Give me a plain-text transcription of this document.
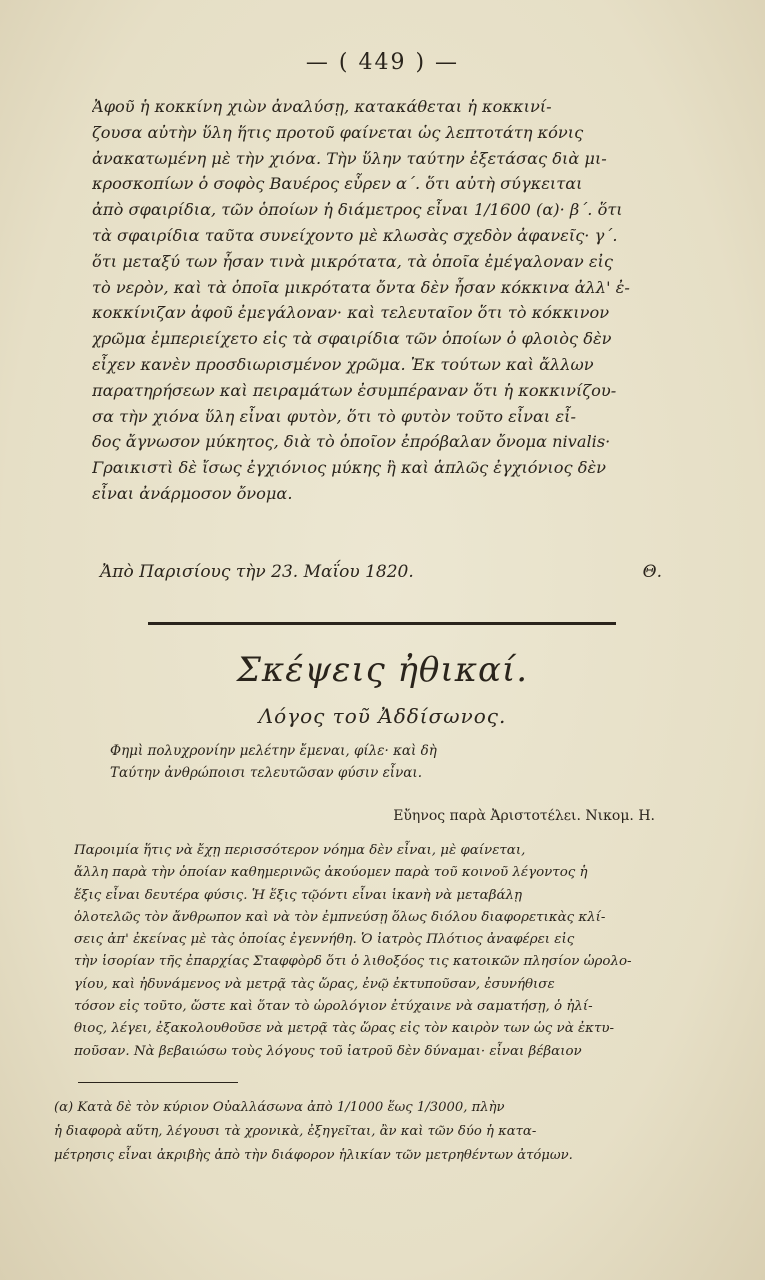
— ( 449 ) —

Ἀφοῦ ἡ κοκκίνη χιὼν ἀναλύσῃ, κατακάθεται ἡ κοκκινί-

ζουσα αὐτὴν ὕλη ἥτις προτοῦ φαίνεται ὡς λεπτοτάτη κόνις

ἀνακατωμένη μὲ τὴν χιόνα. Τὴν ὕλην ταύτην ἐξετάσας διὰ μι-

κροσκοπίων ὁ σοφὸς Βαυέρος εὗρεν α΄. ὅτι αὐτὴ σύγκειται

ἀπὸ σφαιρίδια, τῶν ὁποίων ἡ διάμετρος εἶναι 1/1600 (α)· β΄. ὅτι

τὰ σφαιρίδια ταῦτα συνείχοντο μὲ κλωσὰς σχεδὸν ἀφανεῖς· γ΄.

ὅτι μεταξύ των ἦσαν τινὰ μικρότατα, τὰ ὁποῖα ἐμέγαλοναν εἰς

τὸ νερὸν, καὶ τὰ ὁποῖα μικρότατα ὄντα δὲν ἦσαν κόκκινα ἀλλ' ἐ-

κοκκίνιζαν ἀφοῦ ἐμεγάλοναν· καὶ τελευταῖον ὅτι τὸ κόκκινον

χρῶμα ἐμπεριείχετο εἰς τὰ σφαιρίδια τῶν ὁποίων ὁ φλοιὸς δὲν

εἶχεν κανὲν προσδιωρισμένον χρῶμα. Ἐκ τούτων καὶ ἄλλων

παρατηρήσεων καὶ πειραμάτων ἐσυμπέραναν ὅτι ἡ κοκκινίζου-

σα τὴν χιόνα ὕλη εἶναι φυτὸν, ὅτι τὸ φυτὸν τοῦτο εἶναι εἶ-

δος ἄγνωσον μύκητος, διὰ τὸ ὁποῖον ἐπρόβαλαν ὄνομα nivalis·

Γραικιστὶ δὲ ἴσως ἐγχιόνιος μύκης ἢ καὶ ἁπλῶς ἐγχιόνιος δὲν

εἶναι ἀνάρμοσον ὄνομα.

Ἀπὸ Παρισίους τὴν 23. Μαΐου 1820.	Θ.
Σκέψεις ἠθικαί.
Λόγος τοῦ Ἀδδίσωνος.

Φημὶ πολυχρονίην μελέτην ἔμεναι, φίλε· καὶ δὴ

Ταύτην ἀνθρώποισι τελευτῶσαν φύσιν εἶναι.

Εὔηνος παρὰ Ἀριστοτέλει. Νικομ. Η.

Παροιμία ἥτις νὰ ἔχῃ περισσότερον νόημα δὲν εἶναι, μὲ φαίνεται,

ἄλλη παρὰ τὴν ὁποίαν καθημερινῶς ἀκούομεν παρὰ τοῦ κοινοῦ λέγοντος ἡ

ἕξις εἶναι δευτέρα φύσις. Ἡ ἕξις τῷόντι εἶναι ἱκανὴ νὰ μεταβάλῃ

ὁλοτελῶς τὸν ἄνθρωπον καὶ νὰ τὸν ἐμπνεύσῃ ὅλως διόλου διαφορετικὰς κλί-

σεις ἀπ' ἐκείνας μὲ τὰς ὁποίας ἐγεννήθη. Ὁ ἰατρὸς Πλότιος ἀναφέρει εἰς

τὴν ἱσορίαν τῆς ἐπαρχίας Σταφφὸρδ ὅτι ὁ λιθοξόος τις κατοικῶν πλησίον ὡρολο-

γίου, καὶ ἠδυνάμενος νὰ μετρᾷ τὰς ὥρας, ἐνῷ ἐκτυποῦσαν, ἐσυνήθισε

τόσον εἰς τοῦτο, ὥστε καὶ ὅταν τὸ ὡρολόγιον ἐτύχαινε νὰ σαματήσῃ, ὁ ἠλί-

θιος, λέγει, ἐξακολουθοῦσε νὰ μετρᾷ τὰς ὥρας εἰς τὸν καιρὸν των ὡς νὰ ἐκτυ-

ποῦσαν. Νὰ βεβαιώσω τοὺς λόγους τοῦ ἰατροῦ δὲν δύναμαι· εἶναι βέβαιον

(α) Κατὰ δὲ τὸν κύριον Οὐαλλάσωνα ἀπὸ 1/1000 ἕως 1/3000, πλὴν

ἡ διαφορὰ αὕτη, λέγουσι τὰ χρονικὰ, ἐξηγεῖται, ἂν καὶ τῶν δύο ἡ κατα-

μέτρησις εἶναι ἀκριβὴς ἀπὸ τὴν διάφορον ἡλικίαν τῶν μετρηθέντων ἀτόμων.
